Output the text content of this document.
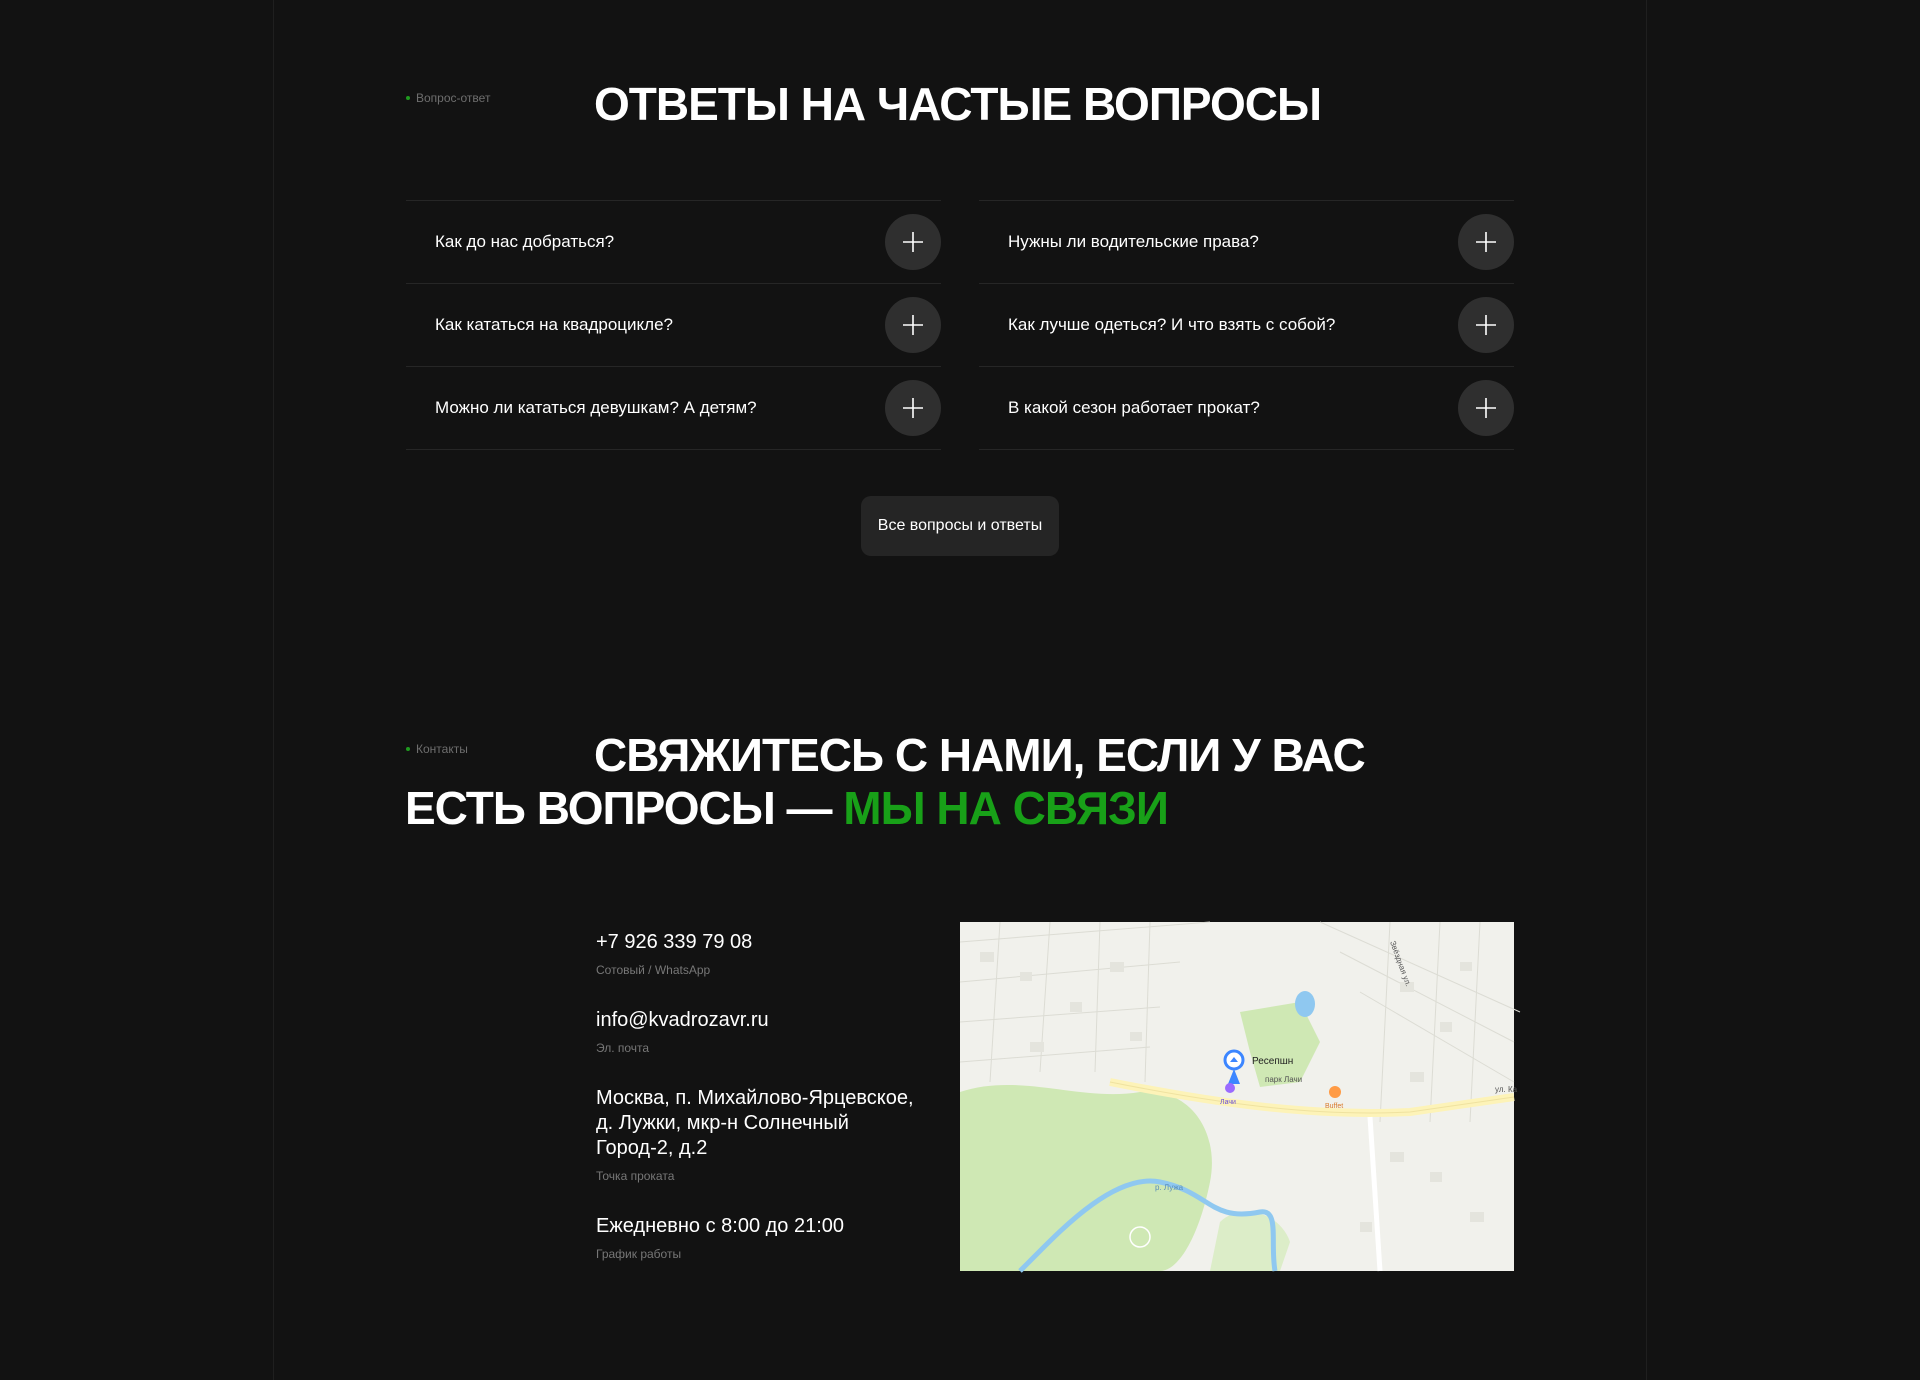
Вопрос-ответ ОТВЕТЫ НА ЧАСТЫЕ ВОПРОСЫ
Как до нас добраться?
Как кататься на квадроцикле?
Можно ли кататься девушкам? А детям?
Нужны ли водительские права?
Как лучше одеться? И что взять с собой?
В какой сезон работает прокат?
Все вопросы и ответы
Контакты	СВЯЖИТЕСЬ С НАМИ, ЕСЛИ У ВАС
ЕСТЬ ВОПРОСЫ — МЫ НА СВЯЗИ
+7 926 339 79 08
Сотовый / WhatsApp
info@kvadrozavr.ru
Эл. почта
Москва, п. Михайлово-Ярцевское,
д. Лужки, мкр-н Солнечный
Город-2, д.2
Точка проката
Ежедневно с 8:00 до 21:00
График работы
Ресепшн
парк Лачи
Лачи
Buffet
р. Лужа
ул. Ка
Звёздная ул.
